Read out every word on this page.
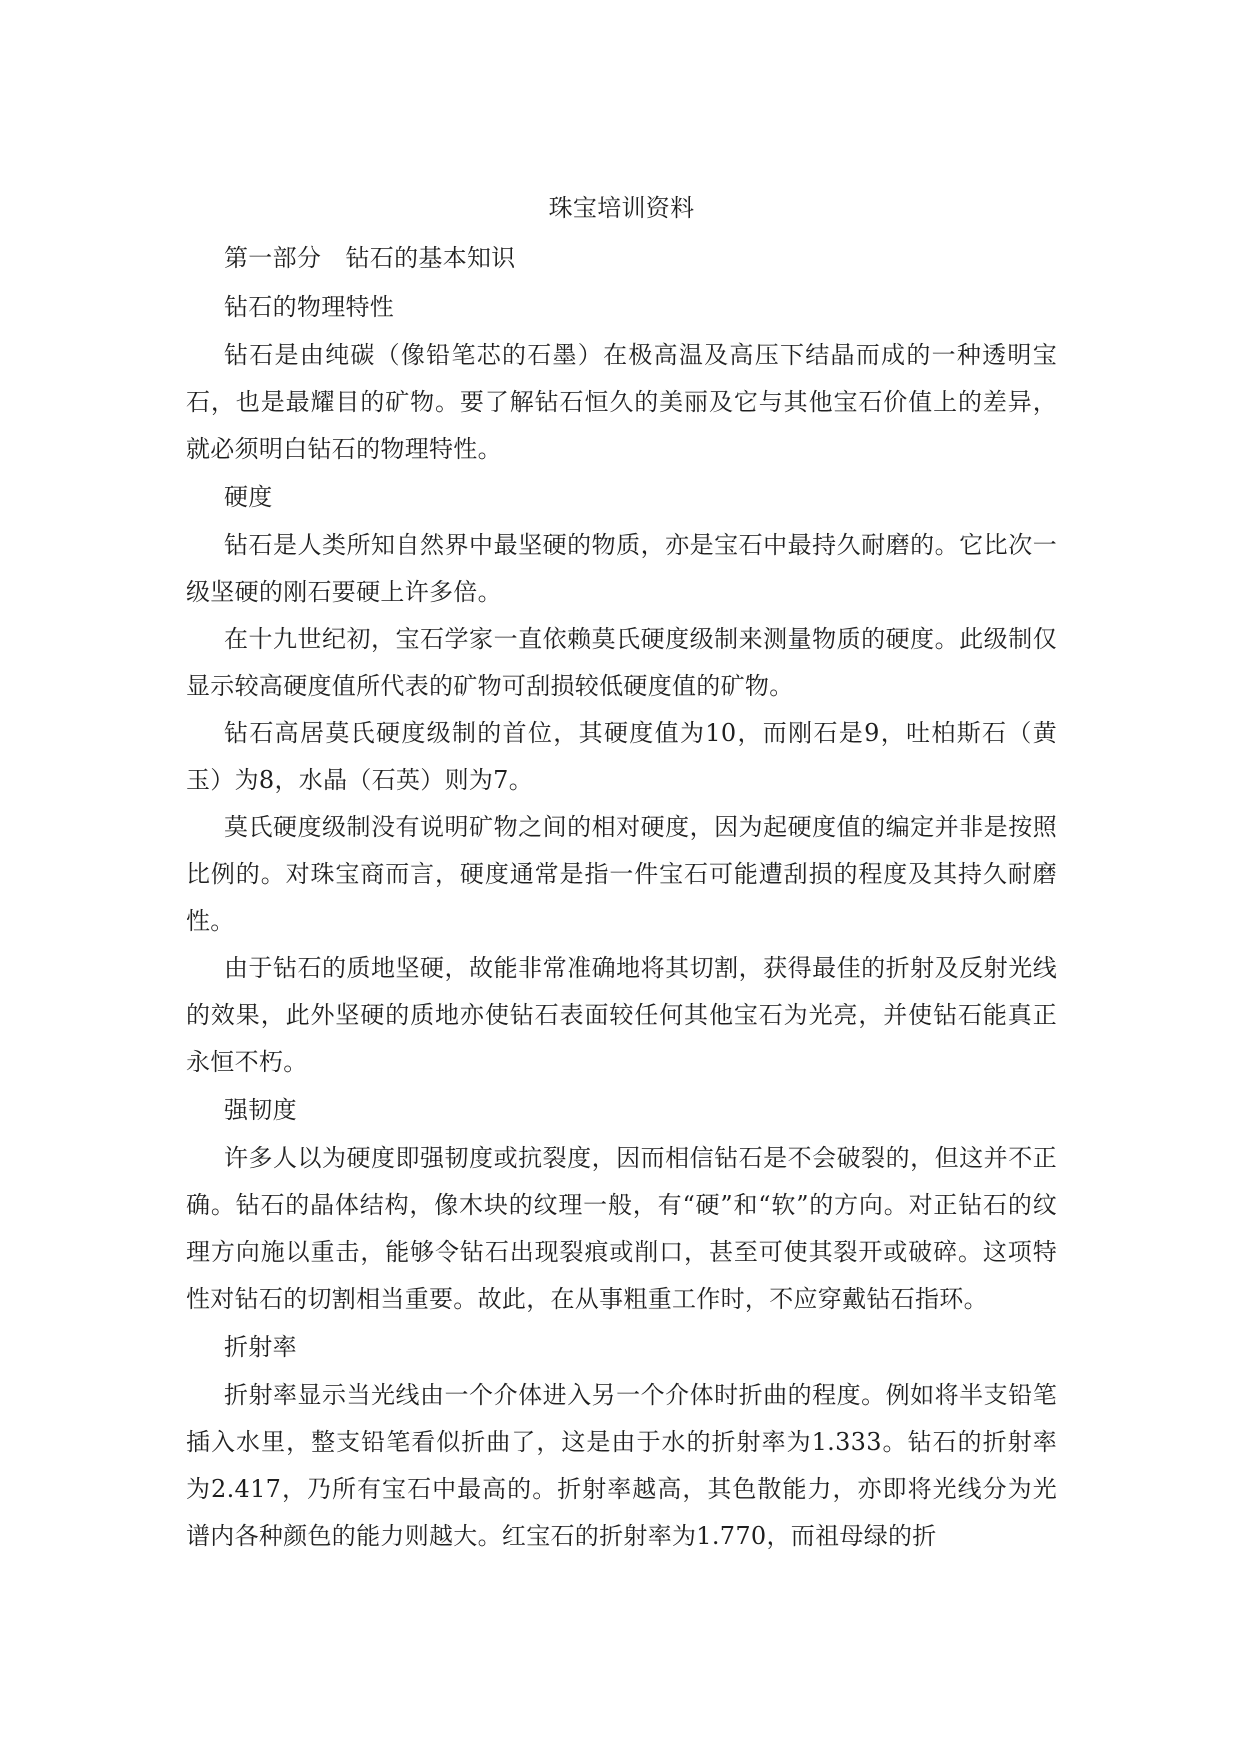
珠宝培训资料
第一部分　钻石的基本知识
钻石的物理特性

钻石是由纯碳（像铅笔芯的石墨）在极高温及高压下结晶而成的一种透明宝石，也是最耀目的矿物。要了解钻石恒久的美丽及它与其他宝石价值上的差异，就必须明白钻石的物理特性。

硬度

钻石是人类所知自然界中最坚硬的物质，亦是宝石中最持久耐磨的。它比次一级坚硬的刚石要硬上许多倍。

在十九世纪初，宝石学家一直依赖莫氏硬度级制来测量物质的硬度。此级制仅显示较高硬度值所代表的矿物可刮损较低硬度值的矿物。

钻石高居莫氏硬度级制的首位，其硬度值为10，而刚石是9，吐柏斯石（黄玉）为8，水晶（石英）则为7。

莫氏硬度级制没有说明矿物之间的相对硬度，因为起硬度值的编定并非是按照比例的。对珠宝商而言，硬度通常是指一件宝石可能遭刮损的程度及其持久耐磨性。

由于钻石的质地坚硬，故能非常准确地将其切割，获得最佳的折射及反射光线的效果，此外坚硬的质地亦使钻石表面较任何其他宝石为光亮，并使钻石能真正永恒不朽。

强韧度

许多人以为硬度即强韧度或抗裂度，因而相信钻石是不会破裂的，但这并不正确。钻石的晶体结构，像木块的纹理一般，有“硬”和“软”的方向。对正钻石的纹理方向施以重击，能够令钻石出现裂痕或削口，甚至可使其裂开或破碎。这项特性对钻石的切割相当重要。故此，在从事粗重工作时，不应穿戴钻石指环。

折射率

折射率显示当光线由一个介体进入另一个介体时折曲的程度。例如将半支铅笔插入水里，整支铅笔看似折曲了，这是由于水的折射率为1.333。钻石的折射率为2.417，乃所有宝石中最高的。折射率越高，其色散能力，亦即将光线分为光谱内各种颜色的能力则越大。红宝石的折射率为1.770，而祖母绿的折
